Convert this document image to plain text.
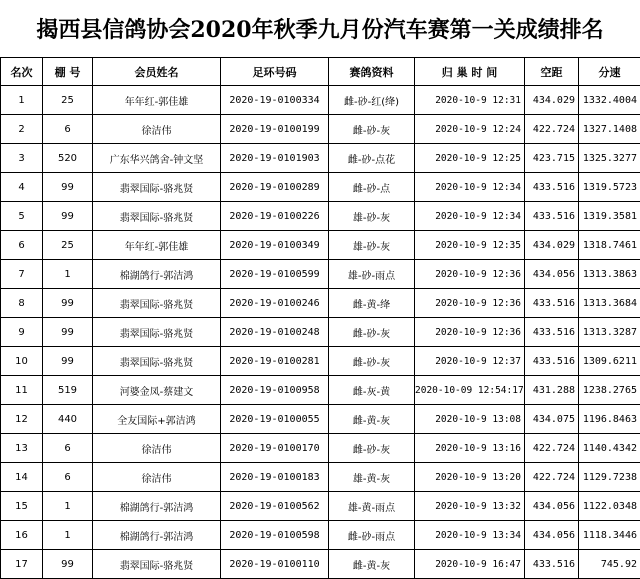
揭西县信鸽协会2020年秋季九月份汽车赛第一关成绩排名
名次	棚 号	会员姓名	足环号码	赛鸽资料	归 巢 时 间	空距	分速
1	25	年年红-郭佳雄	2020-19-0100334	雌-砂-红(绛)	2020-10-9 12:31	434.029	1332.4004
2	6	徐洁伟	2020-19-0100199	雌-砂-灰	2020-10-9 12:24	422.724	1327.1408
3	520	广东华兴鸽舍-钟文坚	2020-19-0101903	雌-砂-点花	2020-10-9 12:25	423.715	1325.3277
4	99	翡翠国际-骆兆贤	2020-19-0100289	雌-砂-点	2020-10-9 12:34	433.516	1319.5723
5	99	翡翠国际-骆兆贤	2020-19-0100226	雄-砂-灰	2020-10-9 12:34	433.516	1319.3581
6	25	年年红-郭佳雄	2020-19-0100349	雄-砂-灰	2020-10-9 12:35	434.029	1318.7461
7	1	棉湖鸽行-郭洁鸿	2020-19-0100599	雄-砂-雨点	2020-10-9 12:36	434.056	1313.3863
8	99	翡翠国际-骆兆贤	2020-19-0100246	雌-黄-绛	2020-10-9 12:36	433.516	1313.3684
9	99	翡翠国际-骆兆贤	2020-19-0100248	雌-砂-灰	2020-10-9 12:36	433.516	1313.3287
10	99	翡翠国际-骆兆贤	2020-19-0100281	雌-砂-灰	2020-10-9 12:37	433.516	1309.6211
11	519	河婆金凤-蔡建文	2020-19-0100958	雌-灰-黄	2020-10-09 12:54:17	431.288	1238.2765
12	440	全友国际+郭洁鸿	2020-19-0100055	雌-黄-灰	2020-10-9 13:08	434.075	1196.8463
13	6	徐洁伟	2020-19-0100170	雌-砂-灰	2020-10-9 13:16	422.724	1140.4342
14	6	徐洁伟	2020-19-0100183	雄-黄-灰	2020-10-9 13:20	422.724	1129.7238
15	1	棉湖鸽行-郭洁鸿	2020-19-0100562	雄-黄-雨点	2020-10-9 13:32	434.056	1122.0348
16	1	棉湖鸽行-郭洁鸿	2020-19-0100598	雌-砂-雨点	2020-10-9 13:34	434.056	1118.3446
17	99	翡翠国际-骆兆贤	2020-19-0100110	雌-黄-灰	2020-10-9 16:47	433.516	745.92
